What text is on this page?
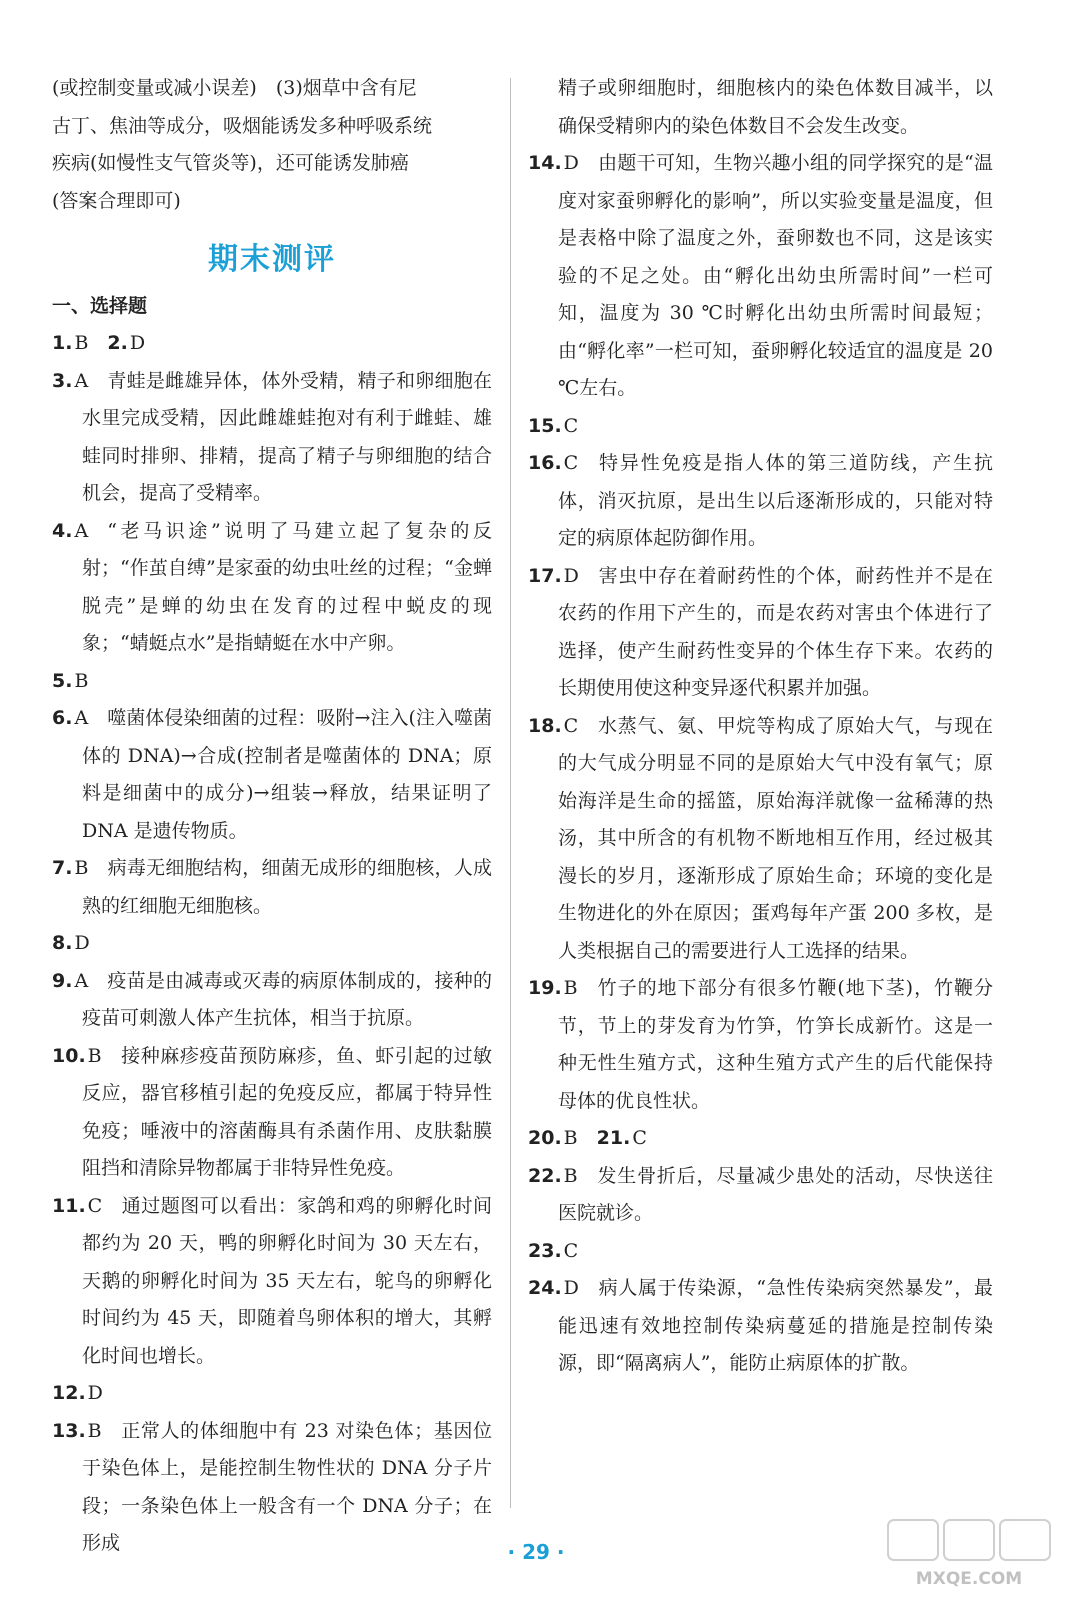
(或控制变量或减小误差)　(3)烟草中含有尼
古丁、焦油等成分，吸烟能诱发多种呼吸系统
疾病(如慢性支气管炎等)，还可能诱发肺癌
(答案合理即可)
期末测评
一、选择题
1. B  2. D
3. A 青蛙是雌雄异体，体外受精，精子和卵细胞在水里完成受精，因此雌雄蛙抱对有利于雌蛙、雄蛙同时排卵、排精，提高了精子与卵细胞的结合机会，提高了受精率。
4. A “老马识途”说明了马建立起了复杂的反射；“作茧自缚”是家蚕的幼虫吐丝的过程；“金蝉脱壳”是蝉的幼虫在发育的过程中蜕皮的现象；“蜻蜓点水”是指蜻蜓在水中产卵。
5. B
6. A 噬菌体侵染细菌的过程：吸附→注入(注入噬菌体的 DNA)→合成(控制者是噬菌体的 DNA；原料是细菌中的成分)→组装→释放，结果证明了 DNA 是遗传物质。
7. B 病毒无细胞结构，细菌无成形的细胞核，人成熟的红细胞无细胞核。
8. D
9. A 疫苗是由减毒或灭毒的病原体制成的，接种的疫苗可刺激人体产生抗体，相当于抗原。
10. B 接种麻疹疫苗预防麻疹，鱼、虾引起的过敏反应，器官移植引起的免疫反应，都属于特异性免疫；唾液中的溶菌酶具有杀菌作用、皮肤黏膜阻挡和清除异物都属于非特异性免疫。
11. C 通过题图可以看出：家鸽和鸡的卵孵化时间都约为 20 天，鸭的卵孵化时间为 30 天左右，天鹅的卵孵化时间为 35 天左右，鸵鸟的卵孵化时间约为 45 天，即随着鸟卵体积的增大，其孵化时间也增长。
12. D
13. B 正常人的体细胞中有 23 对染色体；基因位于染色体上，是能控制生物性状的 DNA 分子片段；一条染色体上一般含有一个 DNA 分子；在形成
精子或卵细胞时，细胞核内的染色体数目减半，以确保受精卵内的染色体数目不会发生改变。
14. D 由题干可知，生物兴趣小组的同学探究的是“温度对家蚕卵孵化的影响”，所以实验变量是温度，但是表格中除了温度之外，蚕卵数也不同，这是该实验的不足之处。由“孵化出幼虫所需时间”一栏可知，温度为 30 ℃时孵化出幼虫所需时间最短；由“孵化率”一栏可知，蚕卵孵化较适宜的温度是 20 ℃左右。
15. C
16. C 特异性免疫是指人体的第三道防线，产生抗体，消灭抗原，是出生以后逐渐形成的，只能对特定的病原体起防御作用。
17. D 害虫中存在着耐药性的个体，耐药性并不是在农药的作用下产生的，而是农药对害虫个体进行了选择，使产生耐药性变异的个体生存下来。农药的长期使用使这种变异逐代积累并加强。
18. C 水蒸气、氨、甲烷等构成了原始大气，与现在的大气成分明显不同的是原始大气中没有氧气；原始海洋是生命的摇篮，原始海洋就像一盆稀薄的热汤，其中所含的有机物不断地相互作用，经过极其漫长的岁月，逐渐形成了原始生命；环境的变化是生物进化的外在原因；蛋鸡每年产蛋 200 多枚，是人类根据自己的需要进行人工选择的结果。
19. B 竹子的地下部分有很多竹鞭(地下茎)，竹鞭分节，节上的芽发育为竹笋，竹笋长成新竹。这是一种无性生殖方式，这种生殖方式产生的后代能保持母体的优良性状。
20. B  21. C
22. B 发生骨折后，尽量减少患处的活动，尽快送往医院就诊。
23. C
24. D 病人属于传染源，“急性传染病突然暴发”，最能迅速有效地控制传染病蔓延的措施是控制传染源，即“隔离病人”，能防止病原体的扩散。
· 29 ·
MXQE.COM
